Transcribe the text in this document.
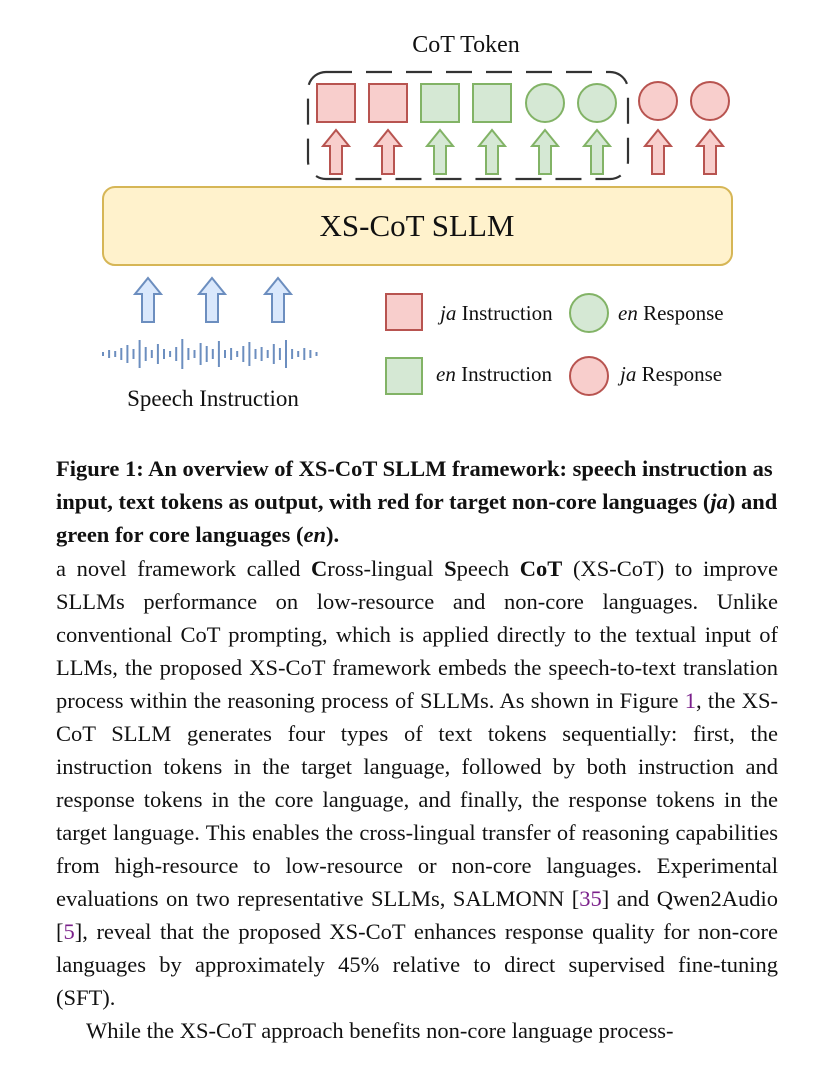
CoT Token
XS-CoT SLLM
Speech Instruction
ja Instruction	en Response
en Instruction	ja Response

Figure 1: An overview of XS-CoT SLLM framework: speech instruction as input, text tokens as output, with red for target non-core languages (ja) and green for core languages (en).

a novel framework called Cross-lingual Speech CoT (XS-CoT) to improve SLLMs performance on low-resource and non-core languages. Unlike conventional CoT prompting, which is applied directly to the textual input of LLMs, the proposed XS-CoT framework embeds the speech-to-text translation process within the reasoning process of SLLMs. As shown in Figure 1, the XS-CoT SLLM generates four types of text tokens sequentially: first, the instruction tokens in the target language, followed by both instruction and response tokens in the core language, and finally, the response tokens in the target language. This enables the cross-lingual transfer of reasoning capabilities from high-resource to low-resource or non-core languages. Experimental evaluations on two representative SLLMs, SALMONN [35] and Qwen2Audio [5], reveal that the proposed XS-CoT enhances response quality for non-core languages by approximately 45% relative to direct supervised fine-tuning (SFT).

While the XS-CoT approach benefits non-core language process-
